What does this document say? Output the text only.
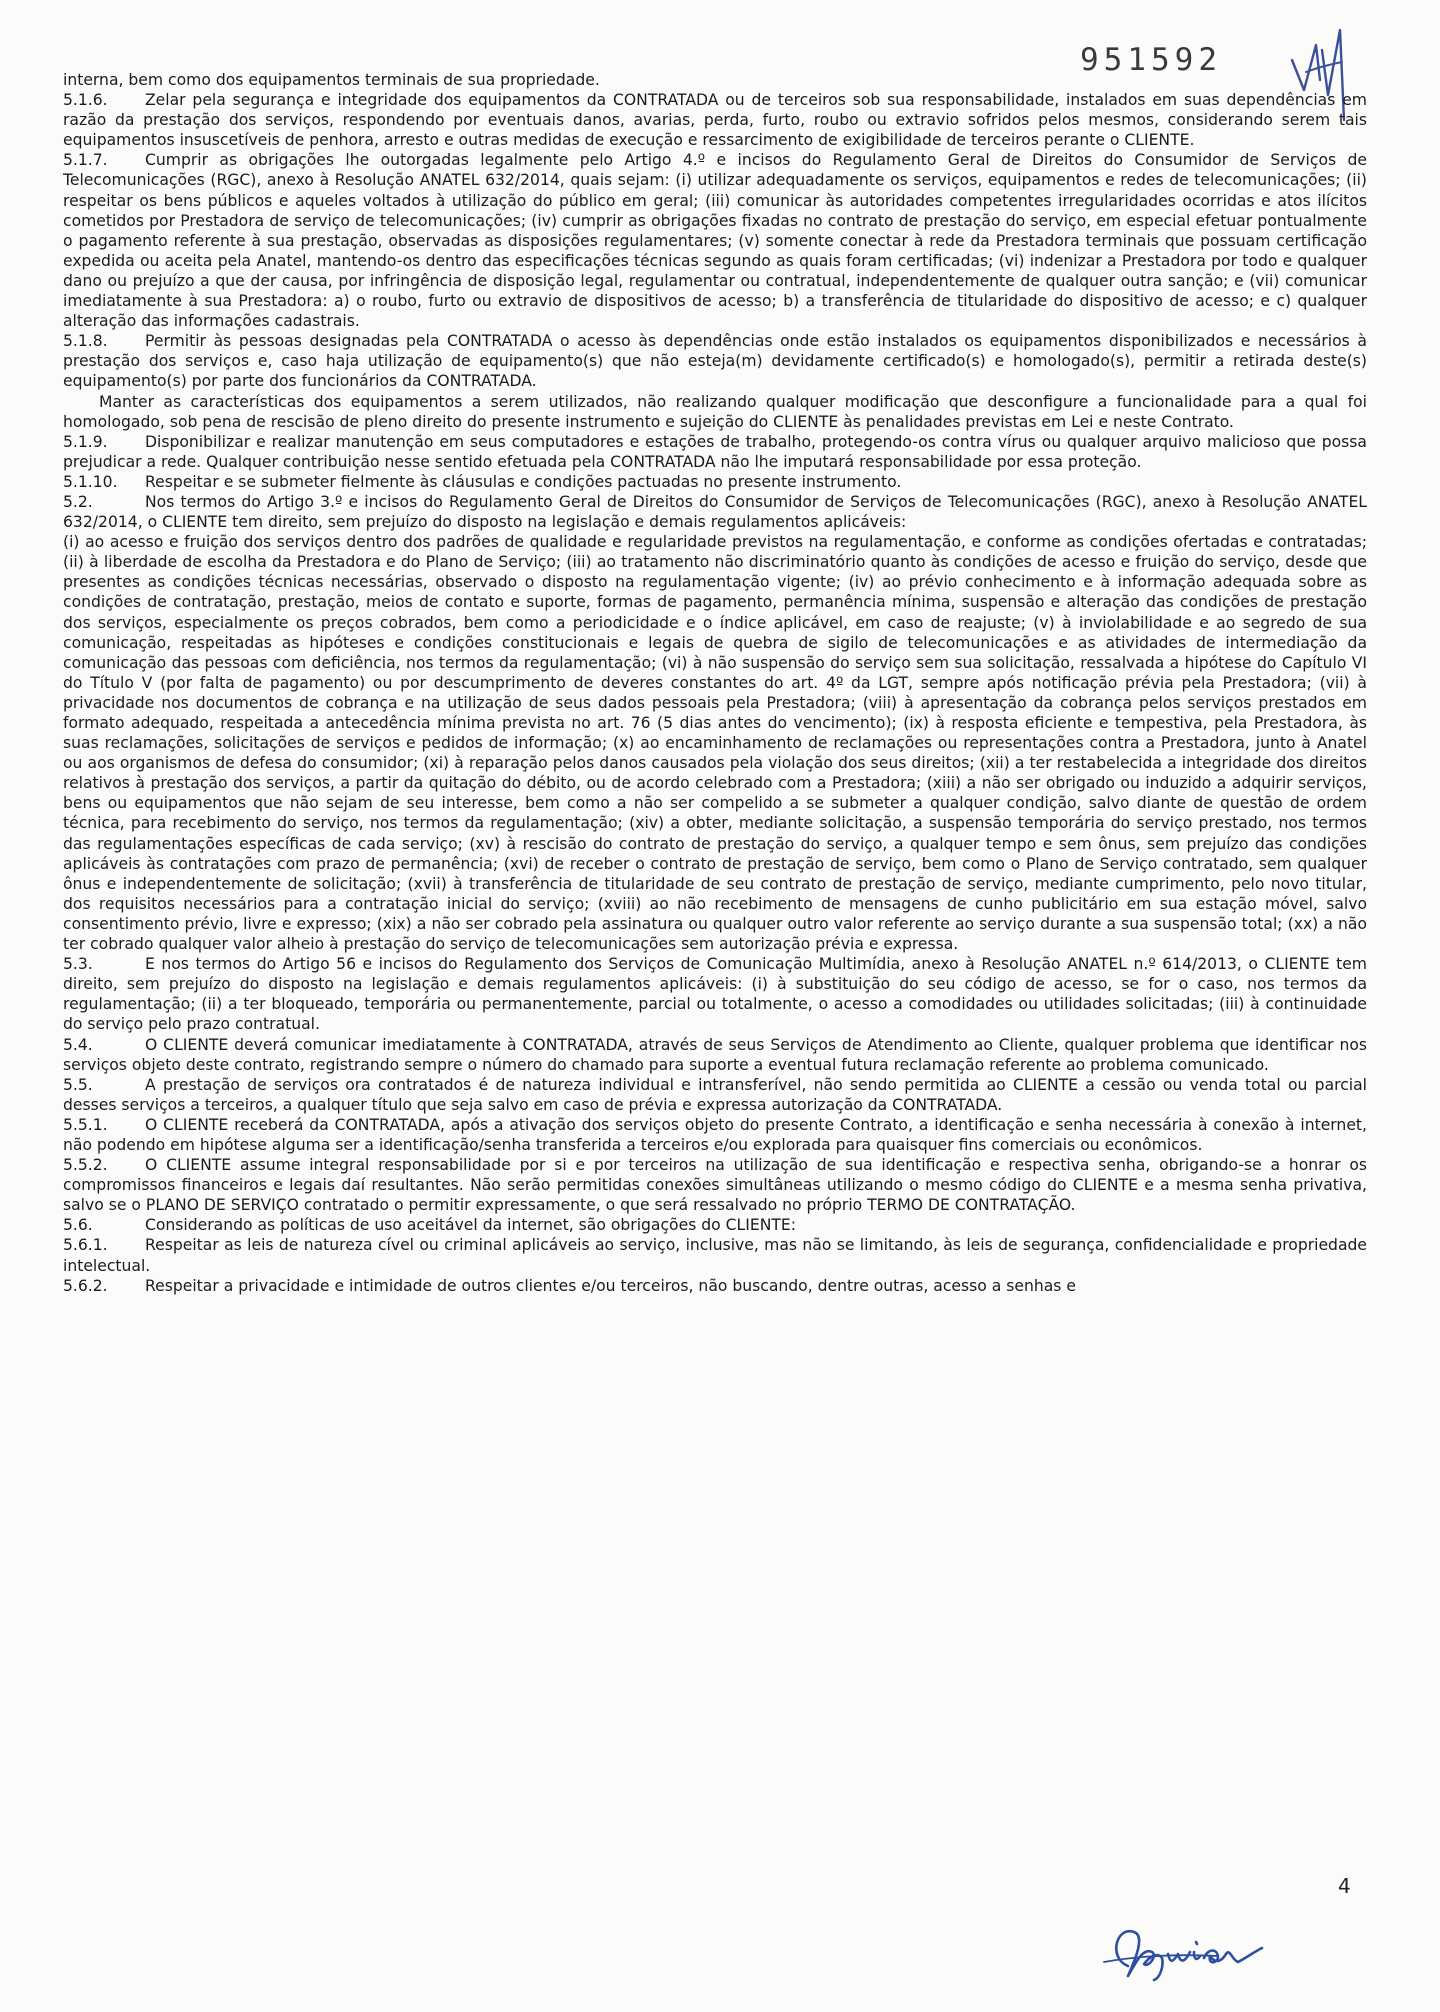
951592

interna, bem como dos equipamentos terminais de sua propriedade.

5.1.6. Zelar pela segurança e integridade dos equipamentos da CONTRATADA ou de terceiros sob sua responsabilidade, instalados em suas dependências em razão da prestação dos serviços, respondendo por eventuais danos, avarias, perda, furto, roubo ou extravio sofridos pelos mesmos, considerando serem tais equipamentos insuscetíveis de penhora, arresto e outras medidas de execução e ressarcimento de exigibilidade de terceiros perante o CLIENTE.

5.1.7. Cumprir as obrigações lhe outorgadas legalmente pelo Artigo 4.º e incisos do Regulamento Geral de Direitos do Consumidor de Serviços de Telecomunicações (RGC), anexo à Resolução ANATEL 632/2014, quais sejam: (i) utilizar adequadamente os serviços, equipamentos e redes de telecomunicações; (ii) respeitar os bens públicos e aqueles voltados à utilização do público em geral; (iii) comunicar às autoridades competentes irregularidades ocorridas e atos ilícitos cometidos por Prestadora de serviço de telecomunicações; (iv) cumprir as obrigações fixadas no contrato de prestação do serviço, em especial efetuar pontualmente o pagamento referente à sua prestação, observadas as disposições regulamentares; (v) somente conectar à rede da Prestadora terminais que possuam certificação expedida ou aceita pela Anatel, mantendo-os dentro das especificações técnicas segundo as quais foram certificadas; (vi) indenizar a Prestadora por todo e qualquer dano ou prejuízo a que der causa, por infringência de disposição legal, regulamentar ou contratual, independentemente de qualquer outra sanção; e (vii) comunicar imediatamente à sua Prestadora: a) o roubo, furto ou extravio de dispositivos de acesso; b) a transferência de titularidade do dispositivo de acesso; e c) qualquer alteração das informações cadastrais.

5.1.8. Permitir às pessoas designadas pela CONTRATADA o acesso às dependências onde estão instalados os equipamentos disponibilizados e necessários à prestação dos serviços e, caso haja utilização de equipamento(s) que não esteja(m) devidamente certificado(s) e homologado(s), permitir a retirada deste(s) equipamento(s) por parte dos funcionários da CONTRATADA.

Manter as características dos equipamentos a serem utilizados, não realizando qualquer modificação que desconfigure a funcionalidade para a qual foi homologado, sob pena de rescisão de pleno direito do presente instrumento e sujeição do CLIENTE às penalidades previstas em Lei e neste Contrato.

5.1.9. Disponibilizar e realizar manutenção em seus computadores e estações de trabalho, protegendo-os contra vírus ou qualquer arquivo malicioso que possa prejudicar a rede. Qualquer contribuição nesse sentido efetuada pela CONTRATADA não lhe imputará responsabilidade por essa proteção.

5.1.10. Respeitar e se submeter fielmente às cláusulas e condições pactuadas no presente instrumento.

5.2.	Nos termos do Artigo 3.º e incisos do Regulamento Geral de Direitos do Consumidor de Serviços de Telecomunicações (RGC), anexo à Resolução ANATEL 632/2014, o CLIENTE tem direito, sem prejuízo do disposto na legislação e demais regulamentos aplicáveis:

(i) ao acesso e fruição dos serviços dentro dos padrões de qualidade e regularidade previstos na regulamentação, e conforme as condições ofertadas e contratadas; (ii) à liberdade de escolha da Prestadora e do Plano de Serviço; (iii) ao tratamento não discriminatório quanto às condições de acesso e fruição do serviço, desde que presentes as condições técnicas necessárias, observado o disposto na regulamentação vigente; (iv) ao prévio conhecimento e à informação adequada sobre as condições de contratação, prestação, meios de contato e suporte, formas de pagamento, permanência mínima, suspensão e alteração das condições de prestação dos serviços, especialmente os preços cobrados, bem como a periodicidade e o índice aplicável, em caso de reajuste; (v) à inviolabilidade e ao segredo de sua comunicação, respeitadas as hipóteses e condições constitucionais e legais de quebra de sigilo de telecomunicações e as atividades de intermediação da comunicação das pessoas com deficiência, nos termos da regulamentação; (vi) à não suspensão do serviço sem sua solicitação, ressalvada a hipótese do Capítulo VI do Título V (por falta de pagamento) ou por descumprimento de deveres constantes do art. 4º da LGT, sempre após notificação prévia pela Prestadora; (vii) à privacidade nos documentos de cobrança e na utilização de seus dados pessoais pela Prestadora; (viii) à apresentação da cobrança pelos serviços prestados em formato adequado, respeitada a antecedência mínima prevista no art. 76 (5 dias antes do vencimento); (ix) à resposta eficiente e tempestiva, pela Prestadora, às suas reclamações, solicitações de serviços e pedidos de informação; (x) ao encaminhamento de reclamações ou representações contra a Prestadora, junto à Anatel ou aos organismos de defesa do consumidor; (xi) à reparação pelos danos causados pela violação dos seus direitos; (xii) a ter restabelecida a integridade dos direitos relativos à prestação dos serviços, a partir da quitação do débito, ou de acordo celebrado com a Prestadora; (xiii) a não ser obrigado ou induzido a adquirir serviços, bens ou equipamentos que não sejam de seu interesse, bem como a não ser compelido a se submeter a qualquer condição, salvo diante de questão de ordem técnica, para recebimento do serviço, nos termos da regulamentação; (xiv) a obter, mediante solicitação, a suspensão temporária do serviço prestado, nos termos das regulamentações específicas de cada serviço; (xv) à rescisão do contrato de prestação do serviço, a qualquer tempo e sem ônus, sem prejuízo das condições aplicáveis às contratações com prazo de permanência; (xvi) de receber o contrato de prestação de serviço, bem como o Plano de Serviço contratado, sem qualquer ônus e independentemente de solicitação; (xvii) à transferência de titularidade de seu contrato de prestação de serviço, mediante cumprimento, pelo novo titular, dos requisitos necessários para a contratação inicial do serviço; (xviii) ao não recebimento de mensagens de cunho publicitário em sua estação móvel, salvo consentimento prévio, livre e expresso; (xix) a não ser cobrado pela assinatura ou qualquer outro valor referente ao serviço durante a sua suspensão total; (xx) a não ter cobrado qualquer valor alheio à prestação do serviço de telecomunicações sem autorização prévia e expressa.

5.3.	E nos termos do Artigo 56 e incisos do Regulamento dos Serviços de Comunicação Multimídia, anexo à Resolução ANATEL n.º 614/2013, o CLIENTE tem direito, sem prejuízo do disposto na legislação e demais regulamentos aplicáveis: (i) à substituição do seu código de acesso, se for o caso, nos termos da regulamentação; (ii) a ter bloqueado, temporária ou permanentemente, parcial ou totalmente, o acesso a comodidades ou utilidades solicitadas; (iii) à continuidade do serviço pelo prazo contratual.

5.4.	O CLIENTE deverá comunicar imediatamente à CONTRATADA, através de seus Serviços de Atendimento ao Cliente, qualquer problema que identificar nos serviços objeto deste contrato, registrando sempre o número do chamado para suporte a eventual futura reclamação referente ao problema comunicado.

5.5.	A prestação de serviços ora contratados é de natureza individual e intransferível, não sendo permitida ao CLIENTE a cessão ou venda total ou parcial desses serviços a terceiros, a qualquer título que seja salvo em caso de prévia e expressa autorização da CONTRATADA.

5.5.1. O CLIENTE receberá da CONTRATADA, após a ativação dos serviços objeto do presente Contrato, a identificação e senha necessária à conexão à internet, não podendo em hipótese alguma ser a identificação/senha transferida a terceiros e/ou explorada para quaisquer fins comerciais ou econômicos.

5.5.2. O CLIENTE assume integral responsabilidade por si e por terceiros na utilização de sua identificação e respectiva senha, obrigando-se a honrar os compromissos financeiros e legais daí resultantes. Não serão permitidas conexões simultâneas utilizando o mesmo código do CLIENTE e a mesma senha privativa, salvo se o PLANO DE SERVIÇO contratado o permitir expressamente, o que será ressalvado no próprio TERMO DE CONTRATAÇÃO.

5.6.	Considerando as políticas de uso aceitável da internet, são obrigações do CLIENTE:

5.6.1. Respeitar as leis de natureza cível ou criminal aplicáveis ao serviço, inclusive, mas não se limitando, às leis de segurança, confidencialidade e propriedade intelectual.

5.6.2. Respeitar a privacidade e intimidade de outros clientes e/ou terceiros, não buscando, dentre outras, acesso a senhas e

4
